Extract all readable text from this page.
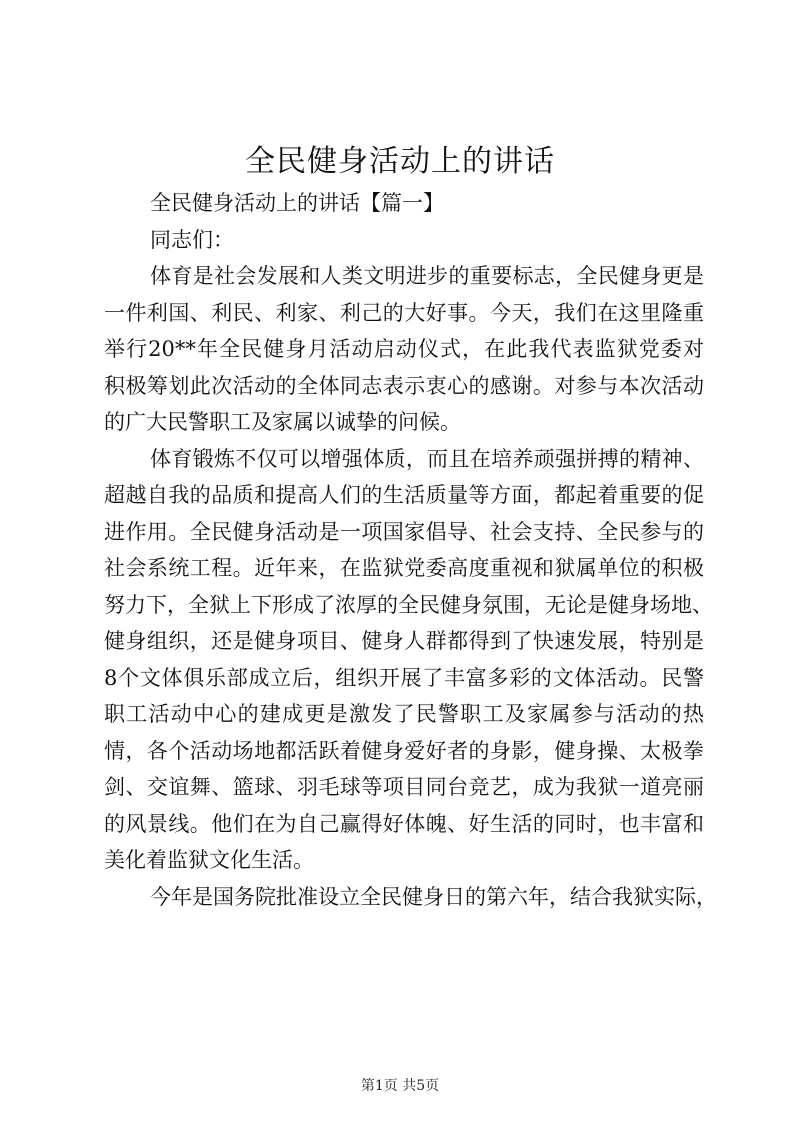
全民健身活动上的讲话
全民健身活动上的讲话【篇一】
同志们：
体育是社会发展和人类文明进步的重要标志，全民健身更是
一件利国、利民、利家、利己的大好事。今天，我们在这里隆重
举行20**年全民健身月活动启动仪式，在此我代表监狱党委对
积极筹划此次活动的全体同志表示衷心的感谢。对参与本次活动
的广大民警职工及家属以诚挚的问候。
体育锻炼不仅可以增强体质，而且在培养顽强拼搏的精神、
超越自我的品质和提高人们的生活质量等方面，都起着重要的促
进作用。全民健身活动是一项国家倡导、社会支持、全民参与的
社会系统工程。近年来，在监狱党委高度重视和狱属单位的积极
努力下，全狱上下形成了浓厚的全民健身氛围，无论是健身场地、
健身组织，还是健身项目、健身人群都得到了快速发展，特别是
8个文体俱乐部成立后，组织开展了丰富多彩的文体活动。民警
职工活动中心的建成更是激发了民警职工及家属参与活动的热
情，各个活动场地都活跃着健身爱好者的身影，健身操、太极拳
剑、交谊舞、篮球、羽毛球等项目同台竞艺，成为我狱一道亮丽
的风景线。他们在为自己赢得好体魄、好生活的同时，也丰富和
美化着监狱文化生活。
今年是国务院批准设立全民健身日的第六年，结合我狱实际，
第1页 共5页
